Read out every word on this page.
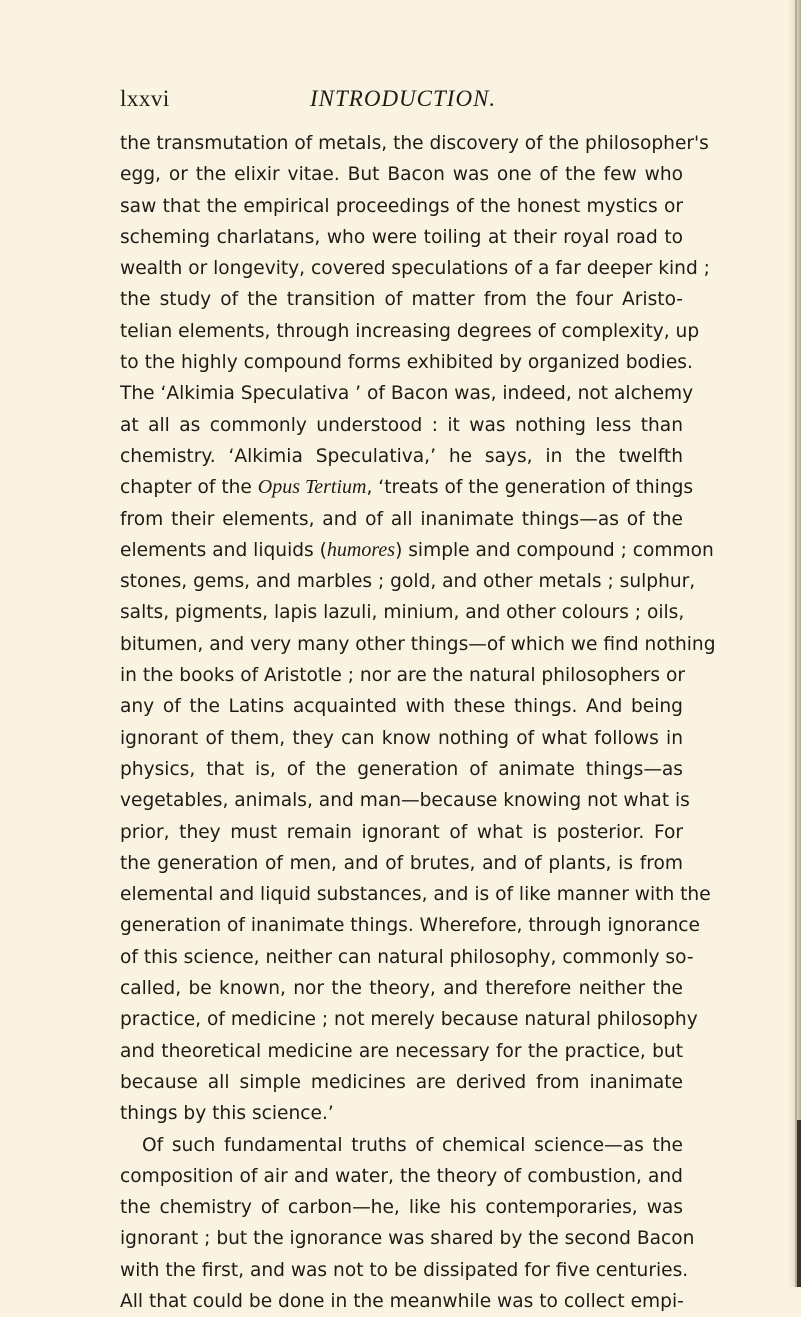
lxxvi	INTRODUCTION.
the transmutation of metals, the discovery of the philosopher's
egg, or the elixir vitae. But Bacon was one of the few who
saw that the empirical proceedings of the honest mystics or
scheming charlatans, who were toiling at their royal road to
wealth or longevity, covered speculations of a far deeper kind ;
the study of the transition of matter from the four Aristo-
telian elements, through increasing degrees of complexity, up
to the highly compound forms exhibited by organized bodies.
The ‘Alkimia Speculativa ’ of Bacon was, indeed, not alchemy
at all as commonly understood : it was nothing less than
chemistry. ‘Alkimia Speculativa,’ he says, in the twelfth
chapter of the Opus Tertium, ‘treats of the generation of things
from their elements, and of all inanimate things—as of the
elements and liquids (humores) simple and compound ; common
stones, gems, and marbles ; gold, and other metals ; sulphur,
salts, pigments, lapis lazuli, minium, and other colours ; oils,
bitumen, and very many other things—of which we find nothing
in the books of Aristotle ; nor are the natural philosophers or
any of the Latins acquainted with these things. And being
ignorant of them, they can know nothing of what follows in
physics, that is, of the generation of animate things—as
vegetables, animals, and man—because knowing not what is
prior, they must remain ignorant of what is posterior. For
the generation of men, and of brutes, and of plants, is from
elemental and liquid substances, and is of like manner with the
generation of inanimate things. Wherefore, through ignorance
of this science, neither can natural philosophy, commonly so-
called, be known, nor the theory, and therefore neither the
practice, of medicine ; not merely because natural philosophy
and theoretical medicine are necessary for the practice, but
because all simple medicines are derived from inanimate
things by this science.’
Of such fundamental truths of chemical science—as the
composition of air and water, the theory of combustion, and
the chemistry of carbon—he, like his contemporaries, was
ignorant ; but the ignorance was shared by the second Bacon
with the first, and was not to be dissipated for five centuries.
All that could be done in the meanwhile was to collect empi-
